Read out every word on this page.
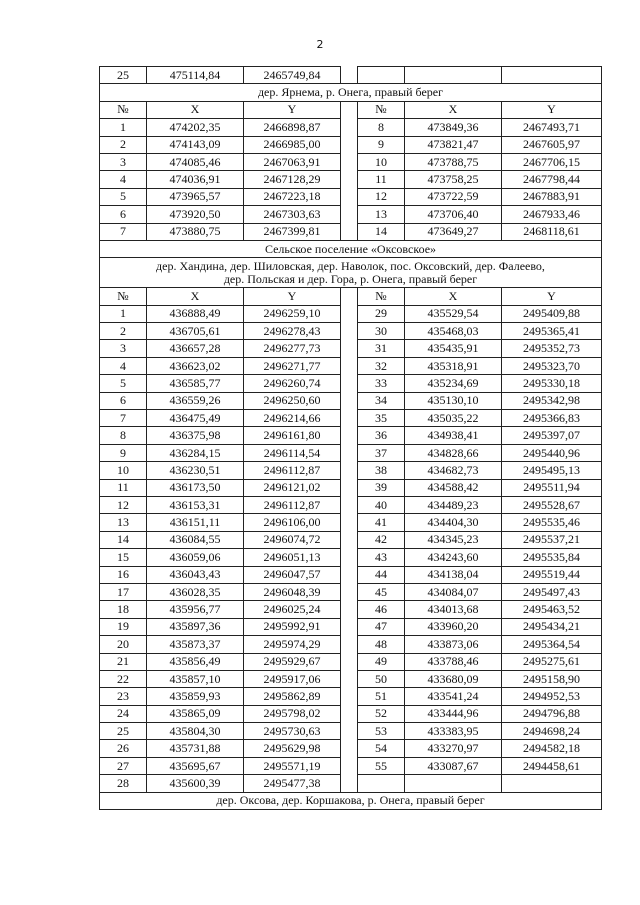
2
25	475114,84	2465749,84				
дер. Ярнема, р. Онега, правый берег						
№	X	Y		№	X	Y
1	474202,35	2466898,87		8	473849,36	2467493,71
2	474143,09	2466985,00		9	473821,47	2467605,97
3	474085,46	2467063,91		10	473788,75	2467706,15
4	474036,91	2467128,29		11	473758,25	2467798,44
5	473965,57	2467223,18		12	473722,59	2467883,91
6	473920,50	2467303,63		13	473706,40	2467933,46
7	473880,75	2467399,81		14	473649,27	2468118,61
Сельское поселение «Оксовское»						

дер. Хандина, дер. Шиловская, дер. Наволок, пос. Оксовский, дер. Фалеево,
дер. Польская и дер. Гора, р. Онега, правый берег						

№	X	Y		№	X	Y
1	436888,49	2496259,10		29	435529,54	2495409,88
2	436705,61	2496278,43		30	435468,03	2495365,41
3	436657,28	2496277,73		31	435435,91	2495352,73
4	436623,02	2496271,77		32	435318,91	2495323,70
5	436585,77	2496260,74		33	435234,69	2495330,18
6	436559,26	2496250,60		34	435130,10	2495342,98
7	436475,49	2496214,66		35	435035,22	2495366,83
8	436375,98	2496161,80		36	434938,41	2495397,07
9	436284,15	2496114,54		37	434828,66	2495440,96
10	436230,51	2496112,87		38	434682,73	2495495,13
11	436173,50	2496121,02		39	434588,42	2495511,94
12	436153,31	2496112,87		40	434489,23	2495528,67
13	436151,11	2496106,00		41	434404,30	2495535,46
14	436084,55	2496074,72		42	434345,23	2495537,21
15	436059,06	2496051,13		43	434243,60	2495535,84
16	436043,43	2496047,57		44	434138,04	2495519,44
17	436028,35	2496048,39		45	434084,07	2495497,43
18	435956,77	2496025,24		46	434013,68	2495463,52
19	435897,36	2495992,91		47	433960,20	2495434,21
20	435873,37	2495974,29		48	433873,06	2495364,54
21	435856,49	2495929,67		49	433788,46	2495275,61
22	435857,10	2495917,06		50	433680,09	2495158,90
23	435859,93	2495862,89		51	433541,24	2494952,53
24	435865,09	2495798,02		52	433444,96	2494796,88
25	435804,30	2495730,63		53	433383,95	2494698,24
26	435731,88	2495629,98		54	433270,97	2494582,18
27	435695,67	2495571,19		55	433087,67	2494458,61
28	435600,39	2495477,38				
дер. Оксова, дер. Коршакова, р. Онега, правый берег						
